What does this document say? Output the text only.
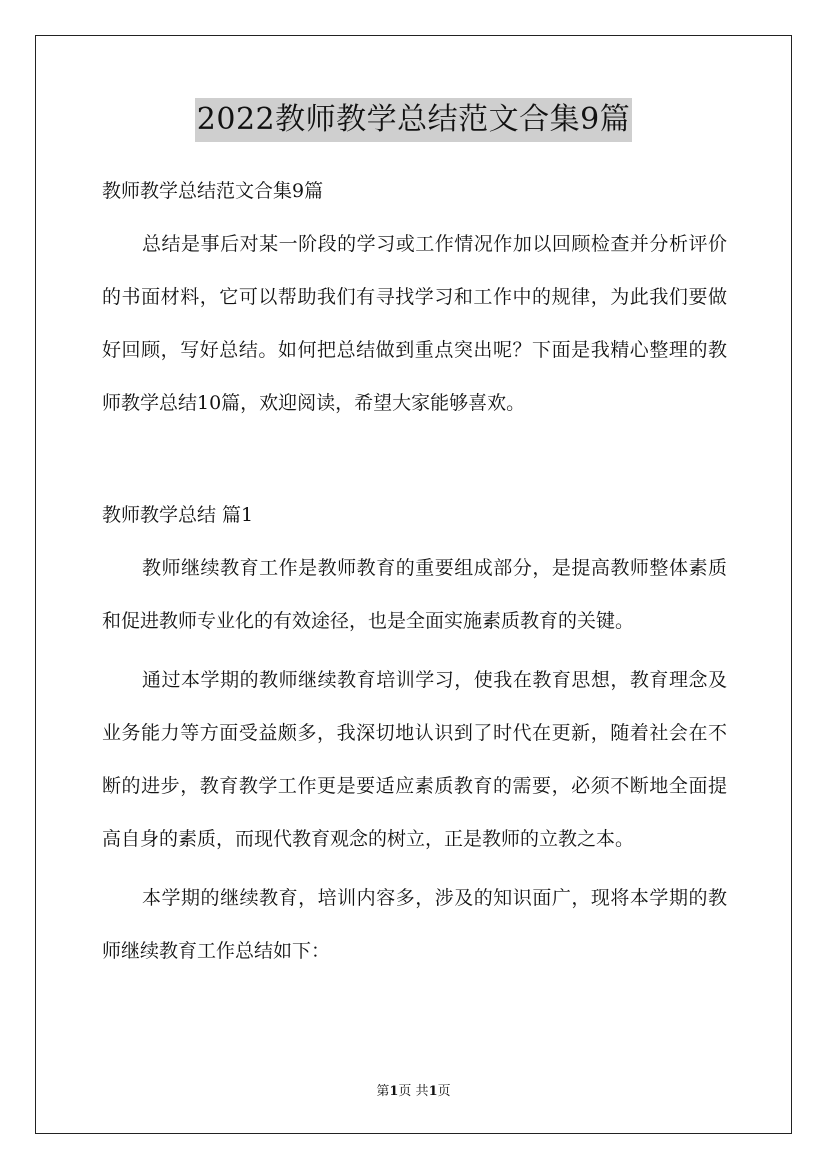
2022教师教学总结范文合集9篇

教师教学总结范文合集9篇

总结是事后对某一阶段的学习或工作情况作加以回顾检查并分析评价的书面材料，它可以帮助我们有寻找学习和工作中的规律，为此我们要做好回顾，写好总结。如何把总结做到重点突出呢？下面是我精心整理的教师教学总结10篇，欢迎阅读，希望大家能够喜欢。

教师教学总结 篇1

教师继续教育工作是教师教育的重要组成部分，是提高教师整体素质和促进教师专业化的有效途径，也是全面实施素质教育的关键。

通过本学期的教师继续教育培训学习，使我在教育思想，教育理念及业务能力等方面受益颇多，我深切地认识到了时代在更新，随着社会在不断的进步，教育教学工作更是要适应素质教育的需要，必须不断地全面提高自身的素质，而现代教育观念的树立，正是教师的立教之本。

本学期的继续教育，培训内容多，涉及的知识面广，现将本学期的教师继续教育工作总结如下：

第1页 共1页
